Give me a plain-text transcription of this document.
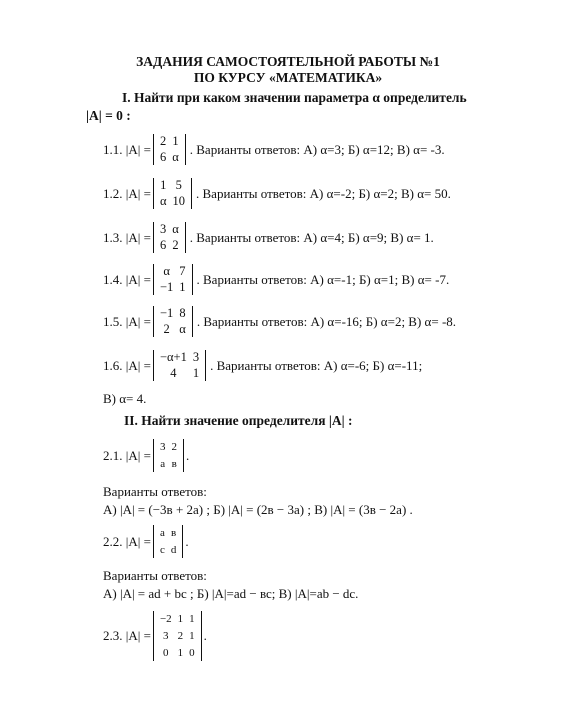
ЗАДАНИЯ САМОСТОЯТЕЛЬНОЙ РАБОТЫ №1
ПО КУРСУ «МАТЕМАТИКА»
I. Найти при каком значении параметра α определитель
|A| = 0 :
1.1.
|A| =
2 1
6 α
. Варианты ответов: А) α=3; Б) α=12; В) α= -3.
1.2.
|A| =
1 5
α 10
. Варианты ответов: А) α=-2; Б) α=2; В) α= 50.
1.3.
|A| =
3 α
6 2
. Варианты ответов: А) α=4; Б) α=9; В) α= 1.
1.4.
|A| =
α 7
−1 1
. Варианты ответов: А) α=-1; Б) α=1; В) α= -7.
1.5.
|A| =
−1 8
2 α
. Варианты ответов: А) α=-16; Б) α=2; В) α= -8.
1.6.
|A| =
−α+1 3
4	1
. Варианты ответов: А) α=-6; Б) α=-11;
В) α= 4.
II. Найти значение определителя |A| :
2.1.
|A| =
3 2
а в
.
Варианты ответов:
А) |A| = (−3в + 2а) ; Б) |A| = (2в − 3а) ; В) |A| = (3в − 2а) .
2.2.
|A| =
a в
c d
.
Варианты ответов:
А) |A| = ad + bc ; Б) |A|=ad − вс; В) |A|=ab − dc.
2.3.
|A| =
−2 1 1
3 2 1
0 1 0
.
